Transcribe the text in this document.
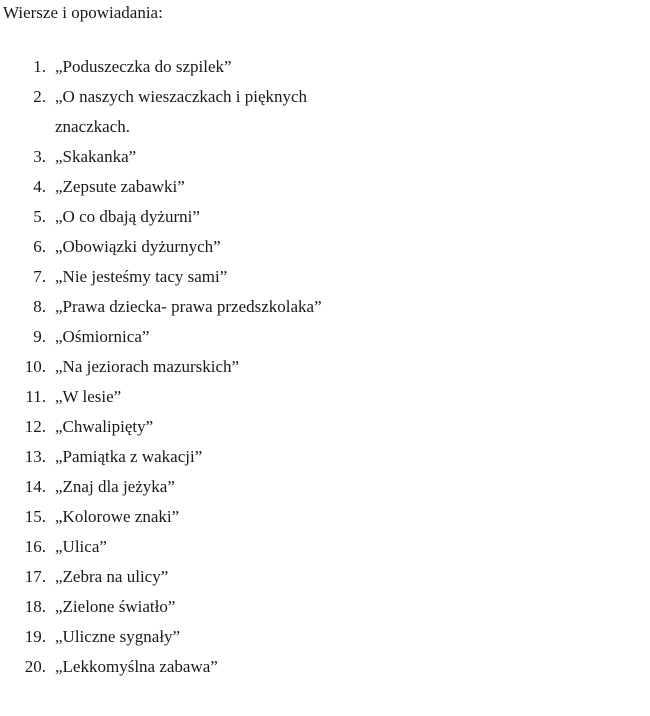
Wiersze i opowiadania:
1. „Poduszeczka do szpilek”
2. „O naszych wieszaczkach i pięknych znaczkach.
3. „Skakanka”
4. „Zepsute zabawki”
5. „O co dbają dyżurni”
6. „Obowiązki dyżurnych”
7. „Nie jesteśmy tacy sami”
8. „Prawa dziecka- prawa przedszkolaka”
9. „Ośmiornica”
10. „Na jeziorach mazurskich”
11. „W lesie”
12. „Chwalipięty”
13. „Pamiątka z wakacji”
14. „Znaj dla jeżyka”
15. „Kolorowe znaki”
16. „Ulica”
17. „Zebra na ulicy”
18. „Zielone światło”
19. „Uliczne sygnały”
20. „Lekkomyślna zabawa”
